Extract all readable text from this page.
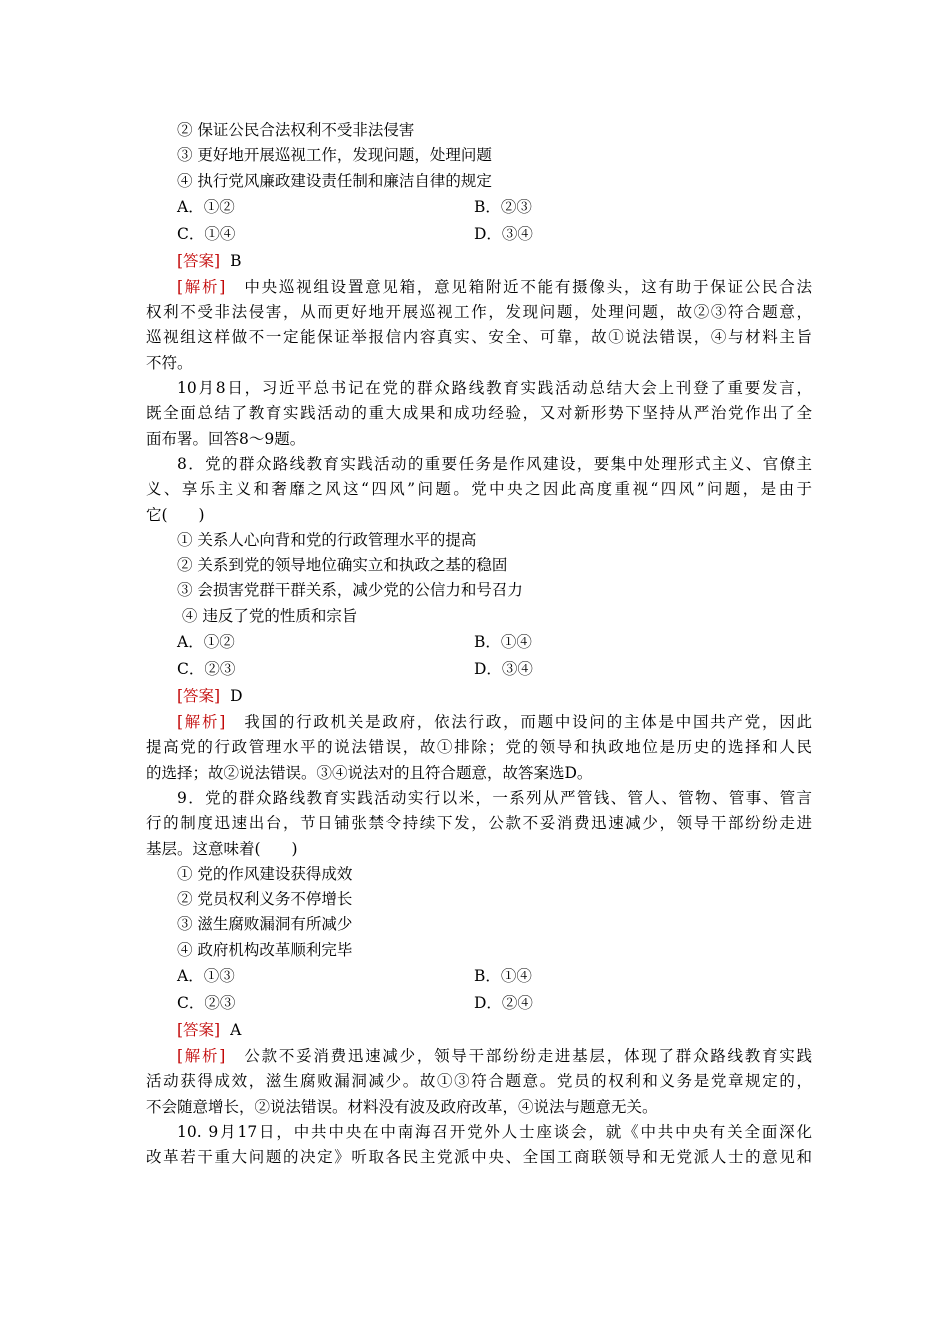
② 保证公民合法权利不受非法侵害
③ 更好地开展巡视工作，发现问题，处理问题
④ 执行党风廉政建设责任制和廉洁自律的规定
A．①②	B．②③
C．①④	D．③④
[答案] B
[解析]　 中央巡视组设置意见箱，意见箱附近不能有摄像头，这有助于保证公民合法
权利不受非法侵害，从而更好地开展巡视工作，发现问题，处理问题，故②③符合题意，
巡视组这样做不一定能保证举报信内容真实、安全、可靠，故①说法错误，④与材料主旨
不符。
10月8日，习近平总书记在党的群众路线教育实践活动总结大会上刊登了重要发言，
既全面总结了教育实践活动的重大成果和成功经验，又对新形势下坚持从严治党作出了全
面布署。回答8～9题。
8．党的群众路线教育实践活动的重要任务是作风建设，要集中处理形式主义、官僚主
义、享乐主义和奢靡之风这“四风”问题。党中央之因此高度重视“四风”问题，是由于
它(　　)
① 关系人心向背和党的行政管理水平的提高
② 关系到党的领导地位确实立和执政之基的稳固
③ 会损害党群干群关系，减少党的公信力和号召力
④ 违反了党的性质和宗旨
A．①②	B．①④
C．②③	D．③④
[答案] D
[解析]　 我国的行政机关是政府，依法行政，而题中设问的主体是中国共产党，因此
提高党的行政管理水平的说法错误，故①排除；党的领导和执政地位是历史的选择和人民
的选择；故②说法错误。③④说法对的且符合题意，故答案选D。
9．党的群众路线教育实践活动实行以米，一系列从严管钱、管人、管物、管事、管言
行的制度迅速出台，节日铺张禁令持续下发，公款不妥消费迅速减少，领导干部纷纷走进
基层。这意味着(　　)
① 党的作风建设获得成效
② 党员权利义务不停增长
③ 滋生腐败漏洞有所减少
④ 政府机构改革顺利完毕
A．①③	B．①④
C．②③	D．②④
[答案] A
[解析]　 公款不妥消费迅速减少，领导干部纷纷走进基层，体现了群众路线教育实践
活动获得成效，滋生腐败漏洞减少。故①③符合题意。党员的权利和义务是党章规定的，
不会随意增长，②说法错误。材料没有波及政府改革，④说法与题意无关。
10. 9月17日，中共中央在中南海召开党外人士座谈会，就《中共中央有关全面深化
改革若干重大问题的决定》听取各民主党派中央、全国工商联领导和无党派人士的意见和
